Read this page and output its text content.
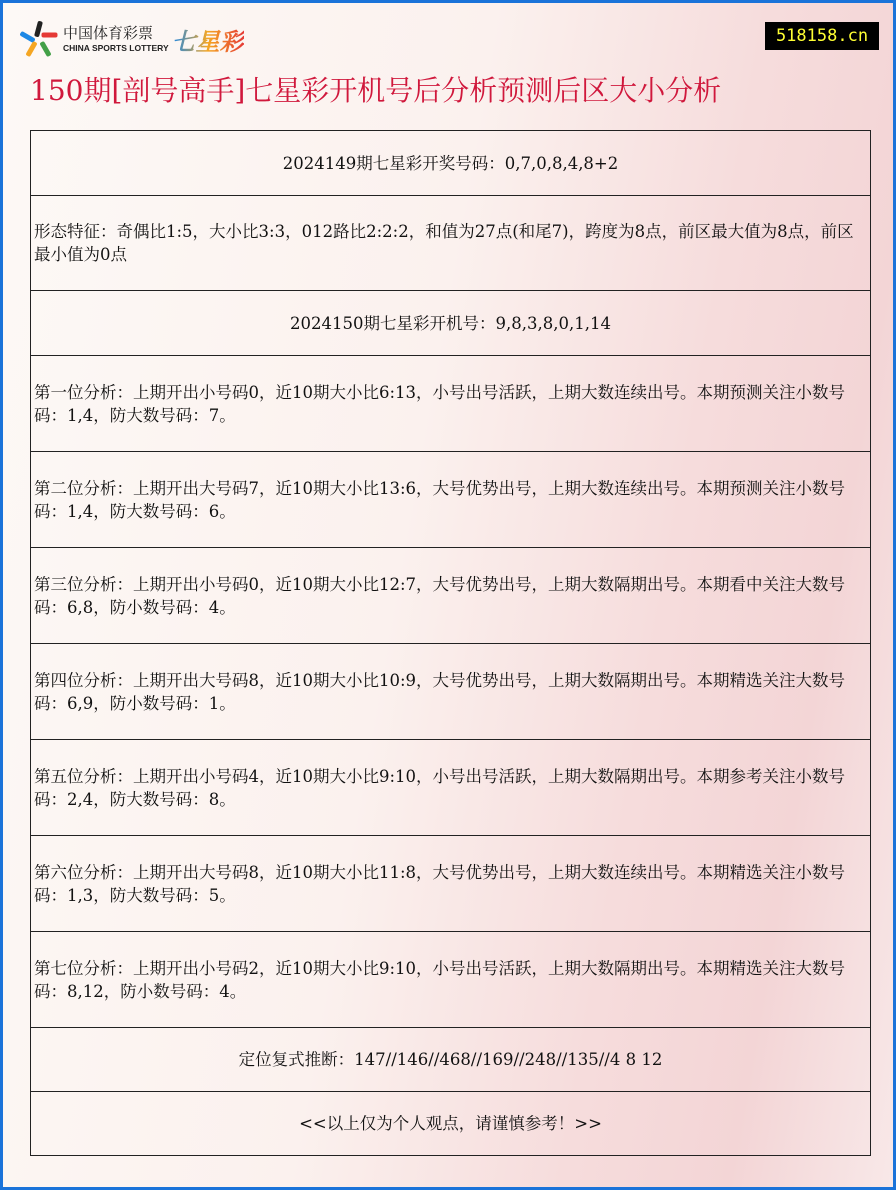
中国体育彩票
CHINA SPORTS LOTTERY 七星彩	518158.cn
150期[剖号高手]七星彩开机号后分析预测后区大小分析
2024149期七星彩开奖号码：0,7,0,8,4,8+2
形态特征：奇偶比1:5，大小比3:3，012路比2:2:2，和值为27点(和尾7)，跨度为8点，前区最大值为8点，前区最小值为0点
2024150期七星彩开机号：9,8,3,8,0,1,14
第一位分析：上期开出小号码0，近10期大小比6:13，小号出号活跃，上期大数连续出号。本期预测关注小数号码：1,4，防大数号码：7。
第二位分析：上期开出大号码7，近10期大小比13:6，大号优势出号，上期大数连续出号。本期预测关注小数号码：1,4，防大数号码：6。
第三位分析：上期开出小号码0，近10期大小比12:7，大号优势出号，上期大数隔期出号。本期看中关注大数号码：6,8，防小数号码：4。
第四位分析：上期开出大号码8，近10期大小比10:9，大号优势出号，上期大数隔期出号。本期精选关注大数号码：6,9，防小数号码：1。
第五位分析：上期开出小号码4，近10期大小比9:10，小号出号活跃，上期大数隔期出号。本期参考关注小数号码：2,4，防大数号码：8。
第六位分析：上期开出大号码8，近10期大小比11:8，大号优势出号，上期大数连续出号。本期精选关注小数号码：1,3，防大数号码：5。
第七位分析：上期开出小号码2，近10期大小比9:10，小号出号活跃，上期大数隔期出号。本期精选关注大数号码：8,12，防小数号码：4。
定位复式推断：147//146//468//169//248//135//4 8 12
<<以上仅为个人观点，请谨慎参考！>>
